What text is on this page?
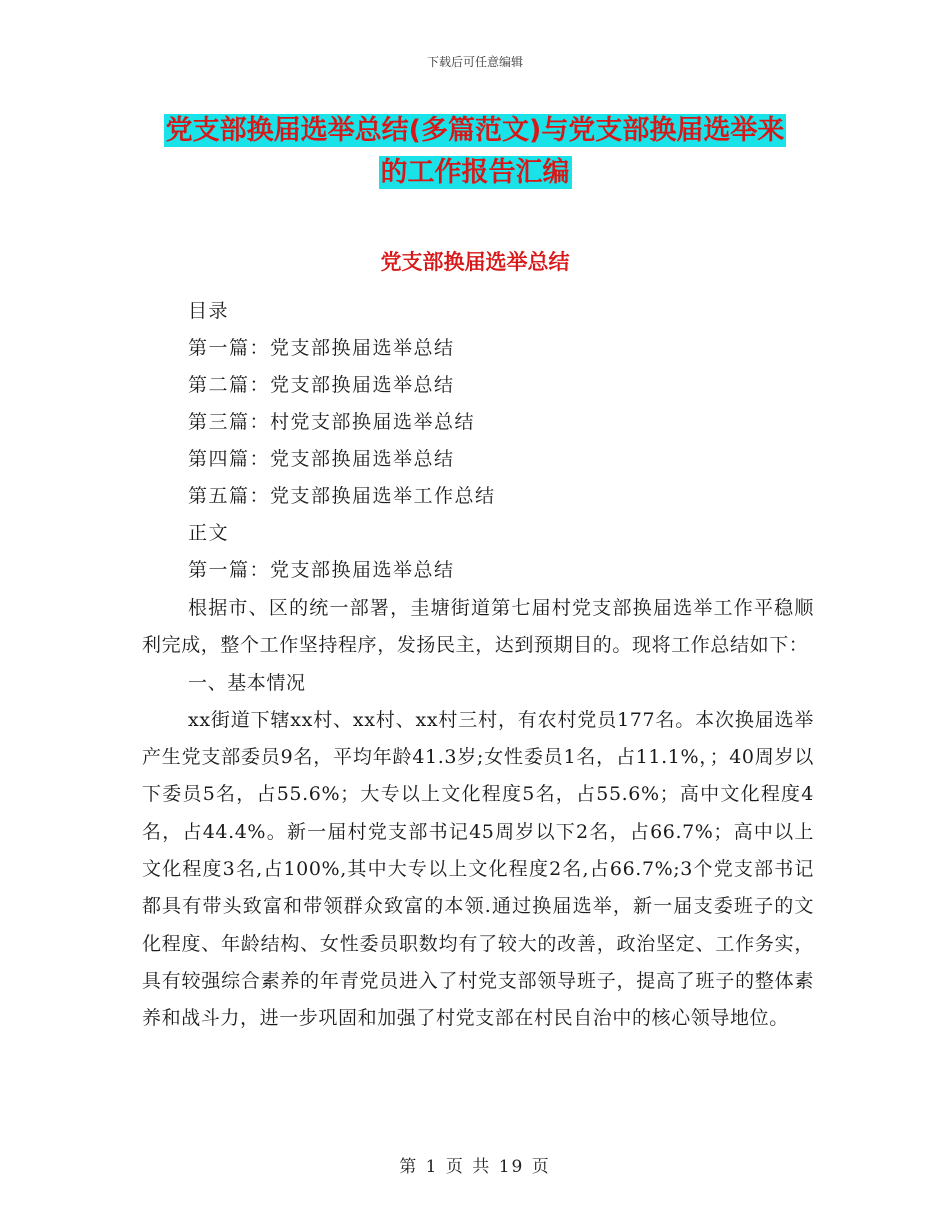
下载后可任意编辑
党支部换届选举总结(多篇范文)与党支部换届选举来
的工作报告汇编
党支部换届选举总结
目录
第一篇：党支部换届选举总结
第二篇：党支部换届选举总结
第三篇：村党支部换届选举总结
第四篇：党支部换届选举总结
第五篇：党支部换届选举工作总结
正文
第一篇：党支部换届选举总结

根据市、区的统一部署，圭塘街道第七届村党支部换届选举工作平稳顺利完成，整个工作坚持程序，发扬民主，达到预期目的。现将工作总结如下：

一、基本情况

xx街道下辖xx村、xx村、xx村三村，有农村党员177名。本次换届选举产生党支部委员9名，平均年龄41.3岁;女性委员1名，占11.1%，；40周岁以下委员5名，占55.6%；大专以上文化程度5名，占55.6%；高中文化程度4名，占44.4%。新一届村党支部书记45周岁以下2名，占66.7%；高中以上文化程度3名,占100%,其中大专以上文化程度2名,占66.7%;3个党支部书记都具有带头致富和带领群众致富的本领.通过换届选举，新一届支委班子的文化程度、年龄结构、女性委员职数均有了较大的改善，政治坚定、工作务实，具有较强综合素养的年青党员进入了村党支部领导班子，提高了班子的整体素养和战斗力，进一步巩固和加强了村党支部在村民自治中的核心领导地位。

第 1 页 共 19 页
